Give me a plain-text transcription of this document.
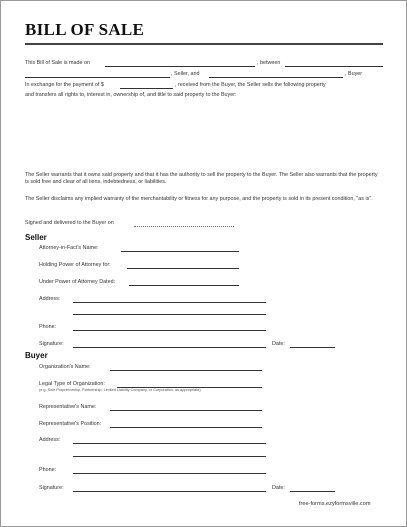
BILL OF SALE
This Bill of Sale is made on	, between
, Seller, and	, Buyer
In exchange for the payment of $	, received from the Buyer, the Seller sells the following property
and transfers all rights to, interest in, ownership of, and title to said property to the Buyer:
The Seller warrants that it owns said property and that it has the authority to sell the property to the Buyer. The Seller also warrants that the property is sold free and clear of all liens, indebtedness, or liabilities.
The Seller disclaims any implied warranty of the merchantability or fitness for any purpose, and the property is sold in its present condition, "as is".
Signed and delivered to the Buyer on
Seller
Attorney-in-Fact's Name:
Holding Power of Attorney for:
Under Power of Attorney Dated:
Address:
Phone:
Signature:	Date:
Buyer
Organization's Name:
Legal Type of Organization:
(e.g. Sole Proprietorship, Partnership, Limited Liability Company, or Corporation, as appropriate)
Representative's Name:
Representative's Position:
Address:
Phone:
Signature:	Date:
free-forms.ezyformsville.com
